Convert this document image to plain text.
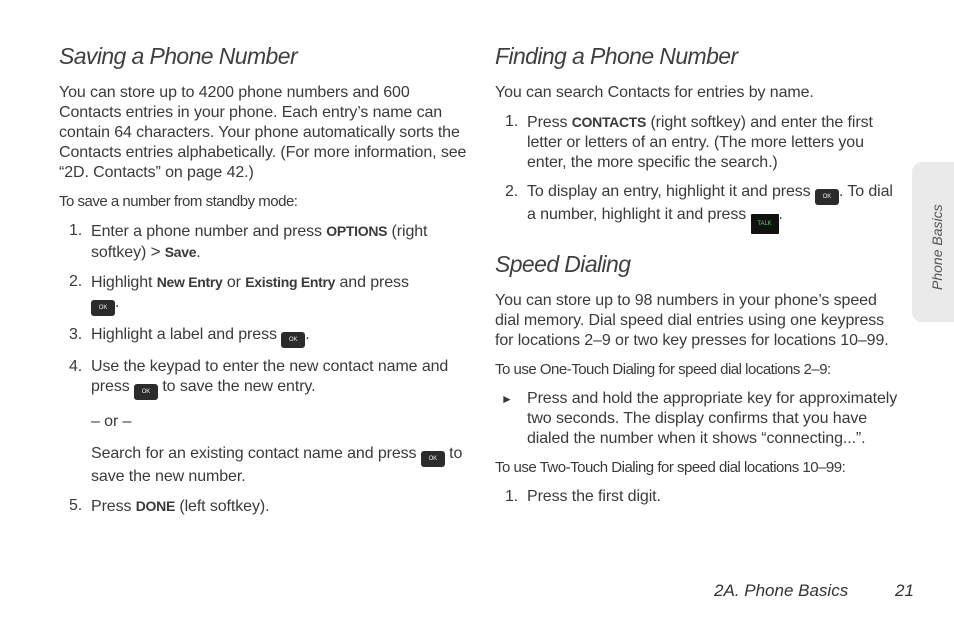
Saving a Phone Number

You can store up to 4200 phone numbers and 600 Contacts entries in your phone. Each entry’s name can contain 64 characters. Your phone automatically sorts the Contacts entries alphabetically. (For more information, see “2D. Contacts” on page 42.)

To save a number from standby mode:

1. Enter a phone number and press OPTIONS (right softkey) > Save.
2. Highlight New Entry or Existing Entry and press
OK .
3. Highlight a label and press OK .
4. Use the keypad to enter the new contact name and press OK to save the new entry.
– or –
Search for an existing contact name and press OK to save the new number.
5. Press DONE (left softkey).
Finding a Phone Number

You can search Contacts for entries by name.

1. Press CONTACTS (right softkey) and enter the first letter or letters of an entry. (The more letters you enter, the more specific the search.)
2. To display an entry, highlight it and press OK . To dial a number, highlight it and press TALK.
Speed Dialing

You can store up to 98 numbers in your phone’s speed dial memory. Dial speed dial entries using one keypress for locations 2–9 or two key presses for locations 10–99.

To use One-Touch Dialing for speed dial locations 2–9:

► Press and hold the appropriate key for approximately two seconds. The display confirms that you have dialed the number when it shows “connecting...”.

To use Two-Touch Dialing for speed dial locations 10–99:

1. Press the first digit.
Phone Basics
2A. Phone Basics	21
